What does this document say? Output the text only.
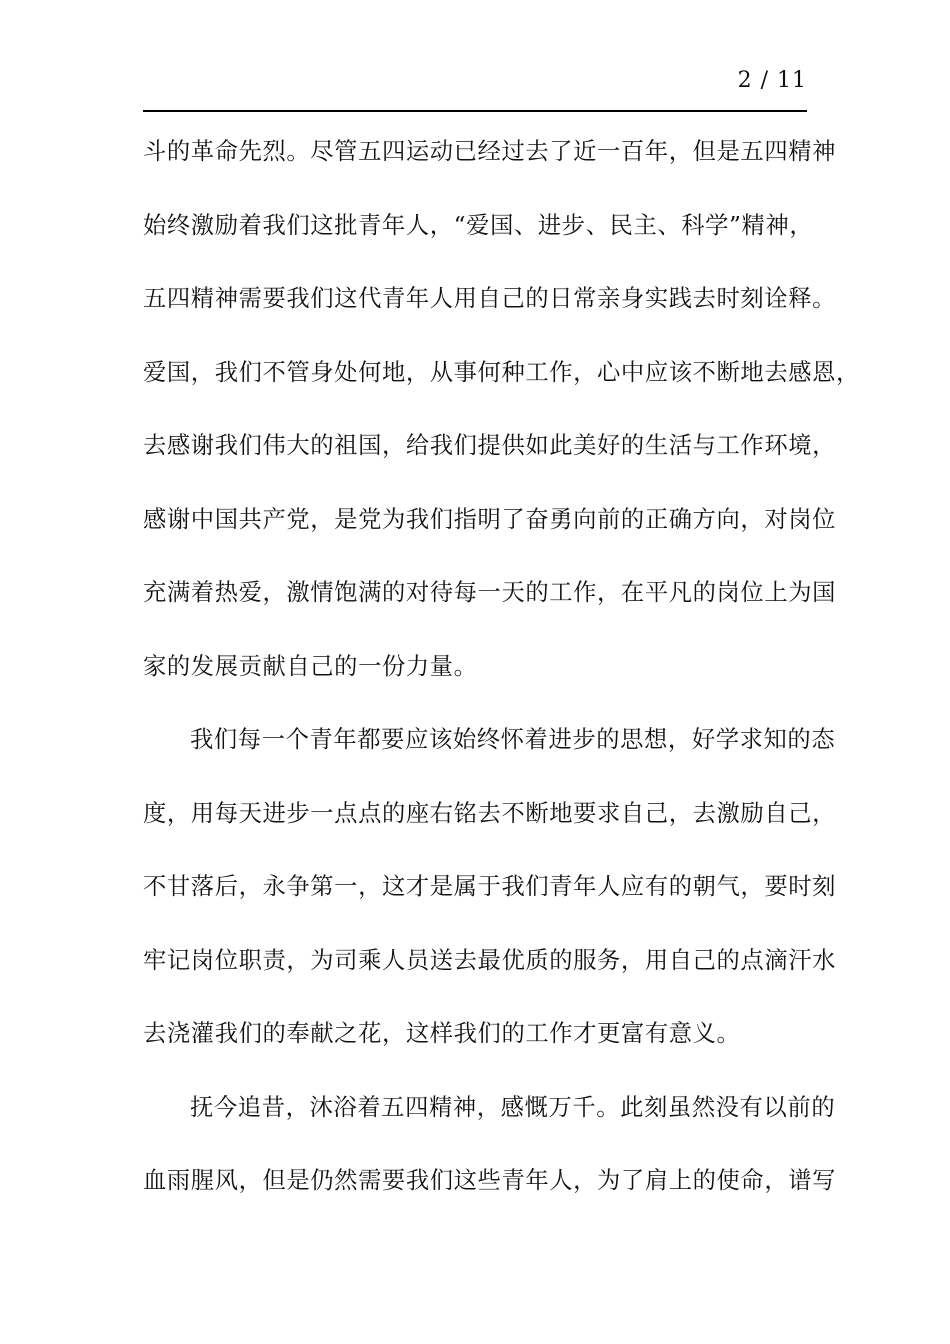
2 / 11
斗的革命先烈。尽管五四运动已经过去了近一百年，但是五四精神
始终激励着我们这批青年人，“爱国、进步、民主、科学”精神，
五四精神需要我们这代青年人用自己的日常亲身实践去时刻诠释。
爱国，我们不管身处何地，从事何种工作，心中应该不断地去感恩，
去感谢我们伟大的祖国，给我们提供如此美好的生活与工作环境，
感谢中国共产党，是党为我们指明了奋勇向前的正确方向，对岗位
充满着热爱，激情饱满的对待每一天的工作，在平凡的岗位上为国
家的发展贡献自己的一份力量。
我们每一个青年都要应该始终怀着进步的思想，好学求知的态
度，用每天进步一点点的座右铭去不断地要求自己，去激励自己，
不甘落后，永争第一，这才是属于我们青年人应有的朝气，要时刻
牢记岗位职责，为司乘人员送去最优质的服务，用自己的点滴汗水
去浇灌我们的奉献之花，这样我们的工作才更富有意义。
抚今追昔，沐浴着五四精神，感慨万千。此刻虽然没有以前的
血雨腥风，但是仍然需要我们这些青年人，为了肩上的使命，谱写
